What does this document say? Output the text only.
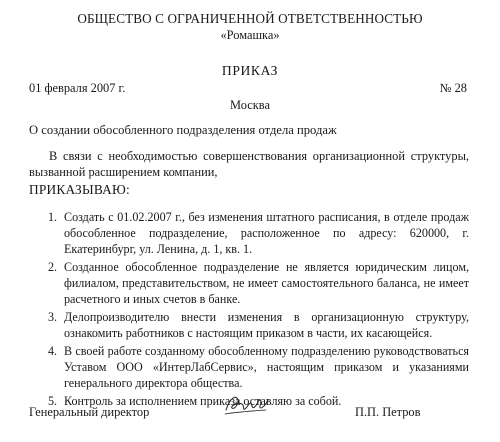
ОБЩЕСТВО С ОГРАНИЧЕННОЙ ОТВЕТСТВЕННОСТЬЮ
«Ромашка»
ПРИКАЗ
01 февраля 2007 г.	№ 28
Москва
О создании обособленного подразделения отдела продаж
В связи с необходимостью совершенствования организационной структуры, вызванной расширением компании,
ПРИКАЗЫВАЮ:
1. Создать с 01.02.2007 г., без изменения штатного расписания, в отделе продаж обособленное подразделение, расположенное по адресу: 620000, г. Екатеринбург, ул. Ленина, д. 1, кв. 1.
2. Созданное обособленное подразделение не является юридическим лицом, филиалом, представительством, не имеет самостоятельного баланса, не имеет расчетного и иных счетов в банке.
3. Делопроизводителю внести изменения в организационную структуру, ознакомить работников с настоящим приказом в части, их касающейся.
4. В своей работе созданному обособленному подразделению руководствоваться Уставом ООО «ИнтерЛабСервис», настоящим приказом и указаниями генерального директора общества.
5. Контроль за исполнением приказа оставляю за собой.
Генеральный директор	П.П. Петров
